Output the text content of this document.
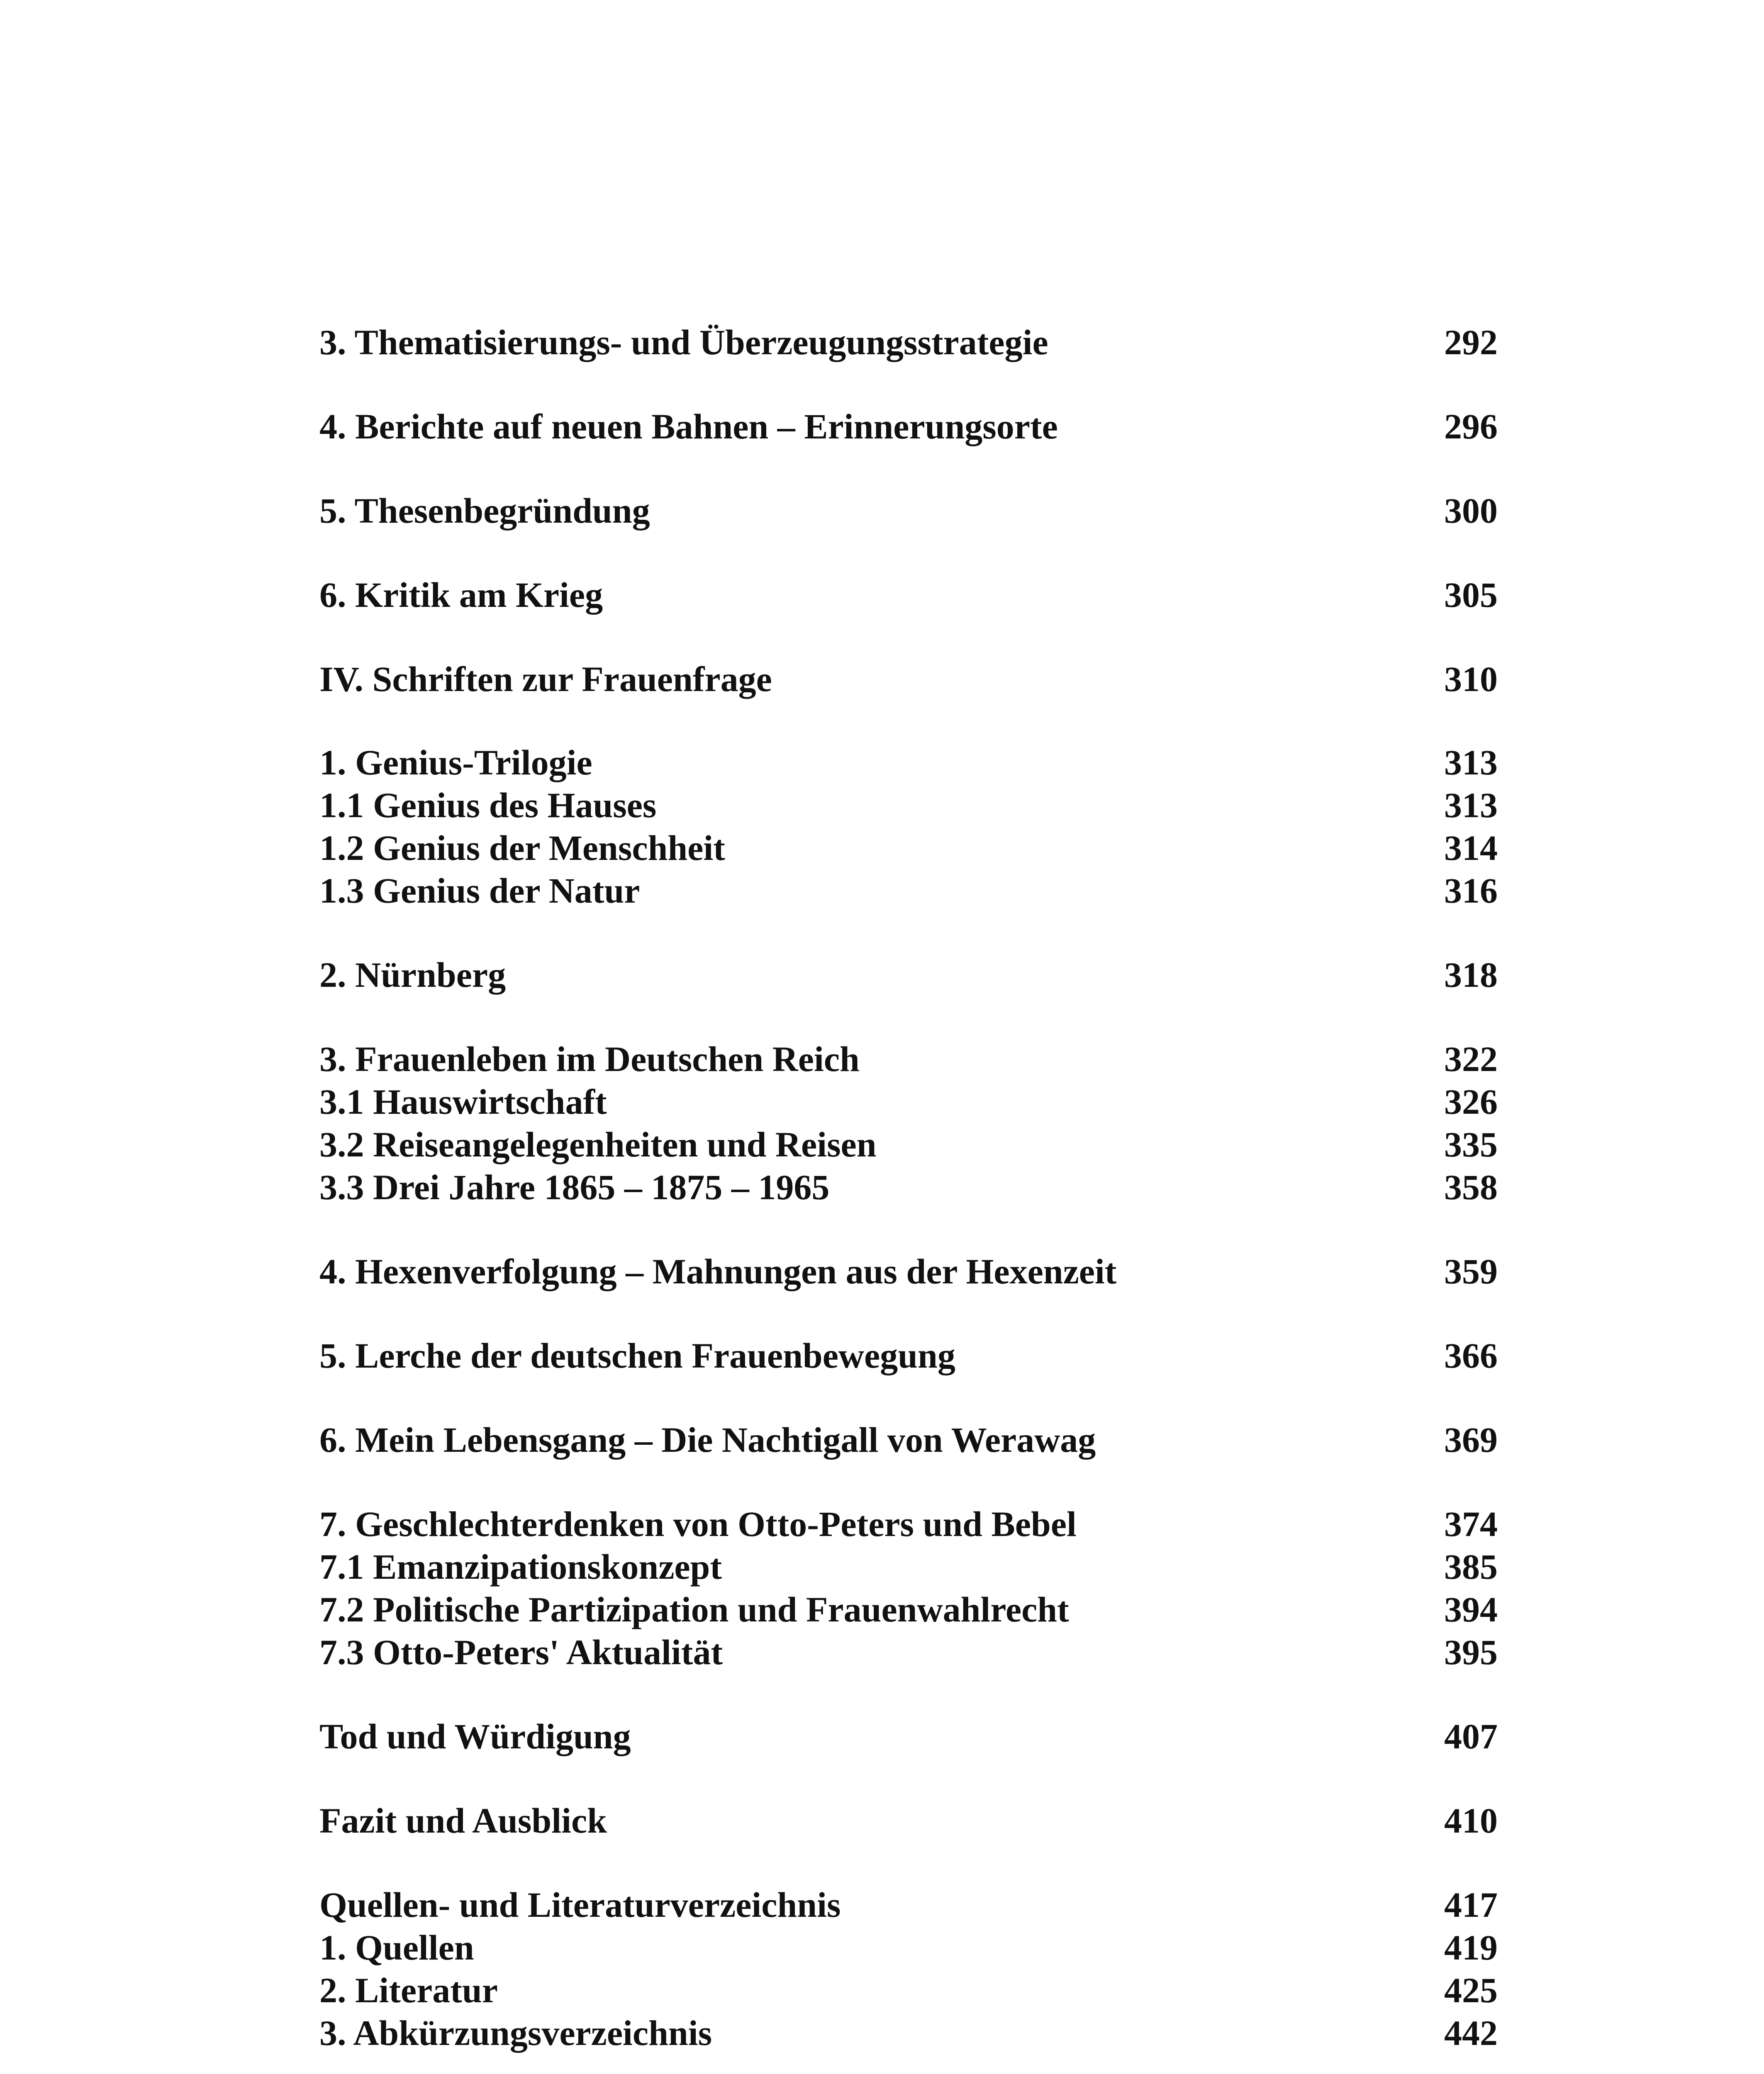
3. Thematisierungs- und Überzeugungsstrategie	292
4. Berichte auf neuen Bahnen – Erinnerungsorte	296
5. Thesenbegründung	300
6. Kritik am Krieg	305
IV. Schriften zur Frauenfrage	310
1. Genius-Trilogie	313
1.1 Genius des Hauses	313
1.2 Genius der Menschheit	314
1.3 Genius der Natur	316
2. Nürnberg	318
3. Frauenleben im Deutschen Reich	322
3.1 Hauswirtschaft	326
3.2 Reiseangelegenheiten und Reisen	335
3.3 Drei Jahre 1865 – 1875 – 1965	358
4. Hexenverfolgung – Mahnungen aus der Hexenzeit	359
5. Lerche der deutschen Frauenbewegung	366
6. Mein Lebensgang – Die Nachtigall von Werawag	369
7. Geschlechterdenken von Otto-Peters und Bebel	374
7.1 Emanzipationskonzept	385
7.2 Politische Partizipation und Frauenwahlrecht	394
7.3 Otto-Peters' Aktualität	395
Tod und Würdigung	407
Fazit und Ausblick	410
Quellen- und Literaturverzeichnis	417
1. Quellen	419
2. Literatur	425
3. Abkürzungsverzeichnis	442
